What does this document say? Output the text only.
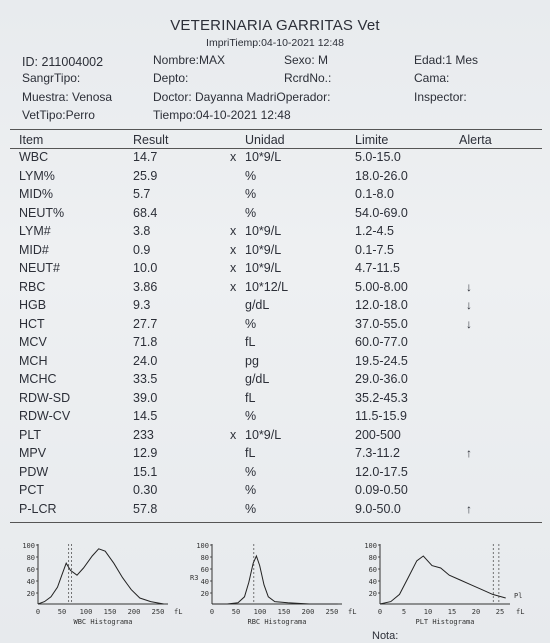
VETERINARIA GARRITAS Vet
ImpriTiemp:04-10-2021 12:48
ID: 211004002	Nombre:MAX	Sexo: M	Edad:1 Mes
SangrTipo:	Depto:	RcrdNo.:	Cama:
Muestra: Venosa	Doctor: Dayanna MadriOperador:	Inspector:
VetTipo:Perro	Tiempo:04-10-2021 12:48
Item	Result	Unidad	Limite	Alerta
WBC	14.7	x 10*9/L	5.0-15.0
LYM%	25.9	%	18.0-26.0
MID%	5.7	%	0.1-8.0
NEUT%	68.4	%	54.0-69.0
LYM#	3.8	x 10*9/L	1.2-4.5
MID#	0.9	x 10*9/L	0.1-7.5
NEUT#	10.0	x 10*9/L	4.7-11.5
RBC	3.86	x 10*12/L	5.00-8.00	↓
HGB	9.3	g/dL	12.0-18.0	↓
HCT	27.7	%	37.0-55.0	↓
MCV	71.8	fL	60.0-77.0
MCH	24.0	pg	19.5-24.5
MCHC	33.5	g/dL	29.0-36.0
RDW-SD	39.0	fL	35.2-45.3
RDW-CV	14.5	%	11.5-15.9
PLT	233	x 10*9/L	200-500
MPV	12.9	fL	7.3-11.2	↑
PDW	15.1	%	12.0-17.5
PCT	0.30	%	0.09-0.50
P-LCR	57.8	%	9.0-50.0	↑
100
80
60
40
20
0	50 100 150 200 250 fL
WBC Histograma
100
80
60
40
20
0	50 100 150 200 250 fL
R3
RBC Histograma
100
80
60
40
20
0	5	10 15 20 25 fL
Pl
PLT Histograma
Nota:
